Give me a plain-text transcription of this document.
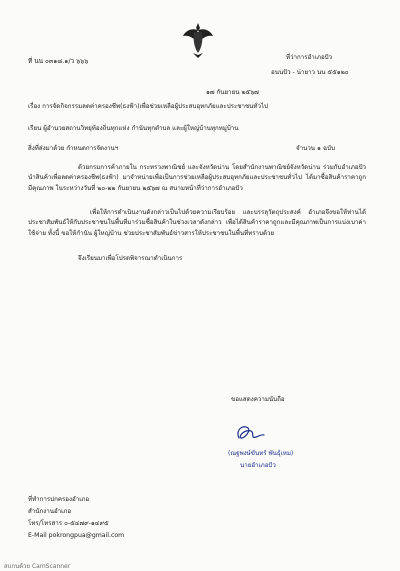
ที่ นน ๐๓๑๘.๑/ว ๖๖๖	ที่ว่าการอำเภอปัว
อนนปัว - น่ายาว นน ๕๕๑๒๐
๑๗ กันยายน ๒๕๖๗
เรื่อง การจัดกิจกรรมลดค่าครองชีพ(ธงฟ้า)เพื่อช่วยเหลือผู้ประสบอุทกภัยและประชาชนทั่วไป
เรียน ผู้อำนวยสถานวิทยุท้องถิ่นทุกแห่ง กำนันทุกตำบล และผู้ใหญ่บ้านทุกหมู่บ้าน
สิ่งที่ส่งมาด้วย กำหนดการจัดงานฯ	จำนวน ๑ ฉบับ
ด้วยกรมการค้าภายใน กระทรวงพาณิชย์ และจังหวัดน่าน โดยสำนักงานพาณิชย์จังหวัดน่าน ร่วมกับอำเภอปัว นำสินค้าเพื่อลดค่าครองชีพ(ธงฟ้า) มาจำหน่ายเพื่อเป็นการช่วยเหลือผู้ประสบอุทกภัยและประชาชนทั่วไป ได้มาซื้อสินค้าราคาถูกมีคุณภาพ ในระหว่างวันที่ ๒๐-๒๒ กันยายน ๒๕๖๗ ณ สนามหน้าที่ว่าการอำเภอปัว
เพื่อให้การดำเนินงานดังกล่าวเป็นไปด้วยความเรียบร้อย และบรรลุวัตถุประสงค์ อำเภอจึงขอให้ท่านได้ประชาสัมพันธ์ให้กับประชาชนในพื้นที่มาร่วมซื้อสินค้าในช่วงเวลาดังกล่าว เพื่อได้สินค้าราคาถูกและมีคุณภาพเป็นการแบ่งเบาค่าใช้จ่าย ทั้งนี้ ขอให้กำนัน ผู้ใหญ่บ้าน ช่วยประชาสัมพันธ์ข่าวสารให้ประชาชนในพื้นที่ทราบด้วย
จึงเรียนมาเพื่อโปรดพิจารณาดำเนินการ
ขอแสดงความนับถือ
(ณฐพงษ์ขันทร์ พันธุ์เหม)
นายอำเภอปัว
ที่ทำการปกครองอำเภอ
สำนักงานอำเภอ
โทร/โทรสาร ๐-๕๔๗๙-๑๔๙๕
E-Mail pokrongpua@gmail.com
สแกนด้วย CamScanner
